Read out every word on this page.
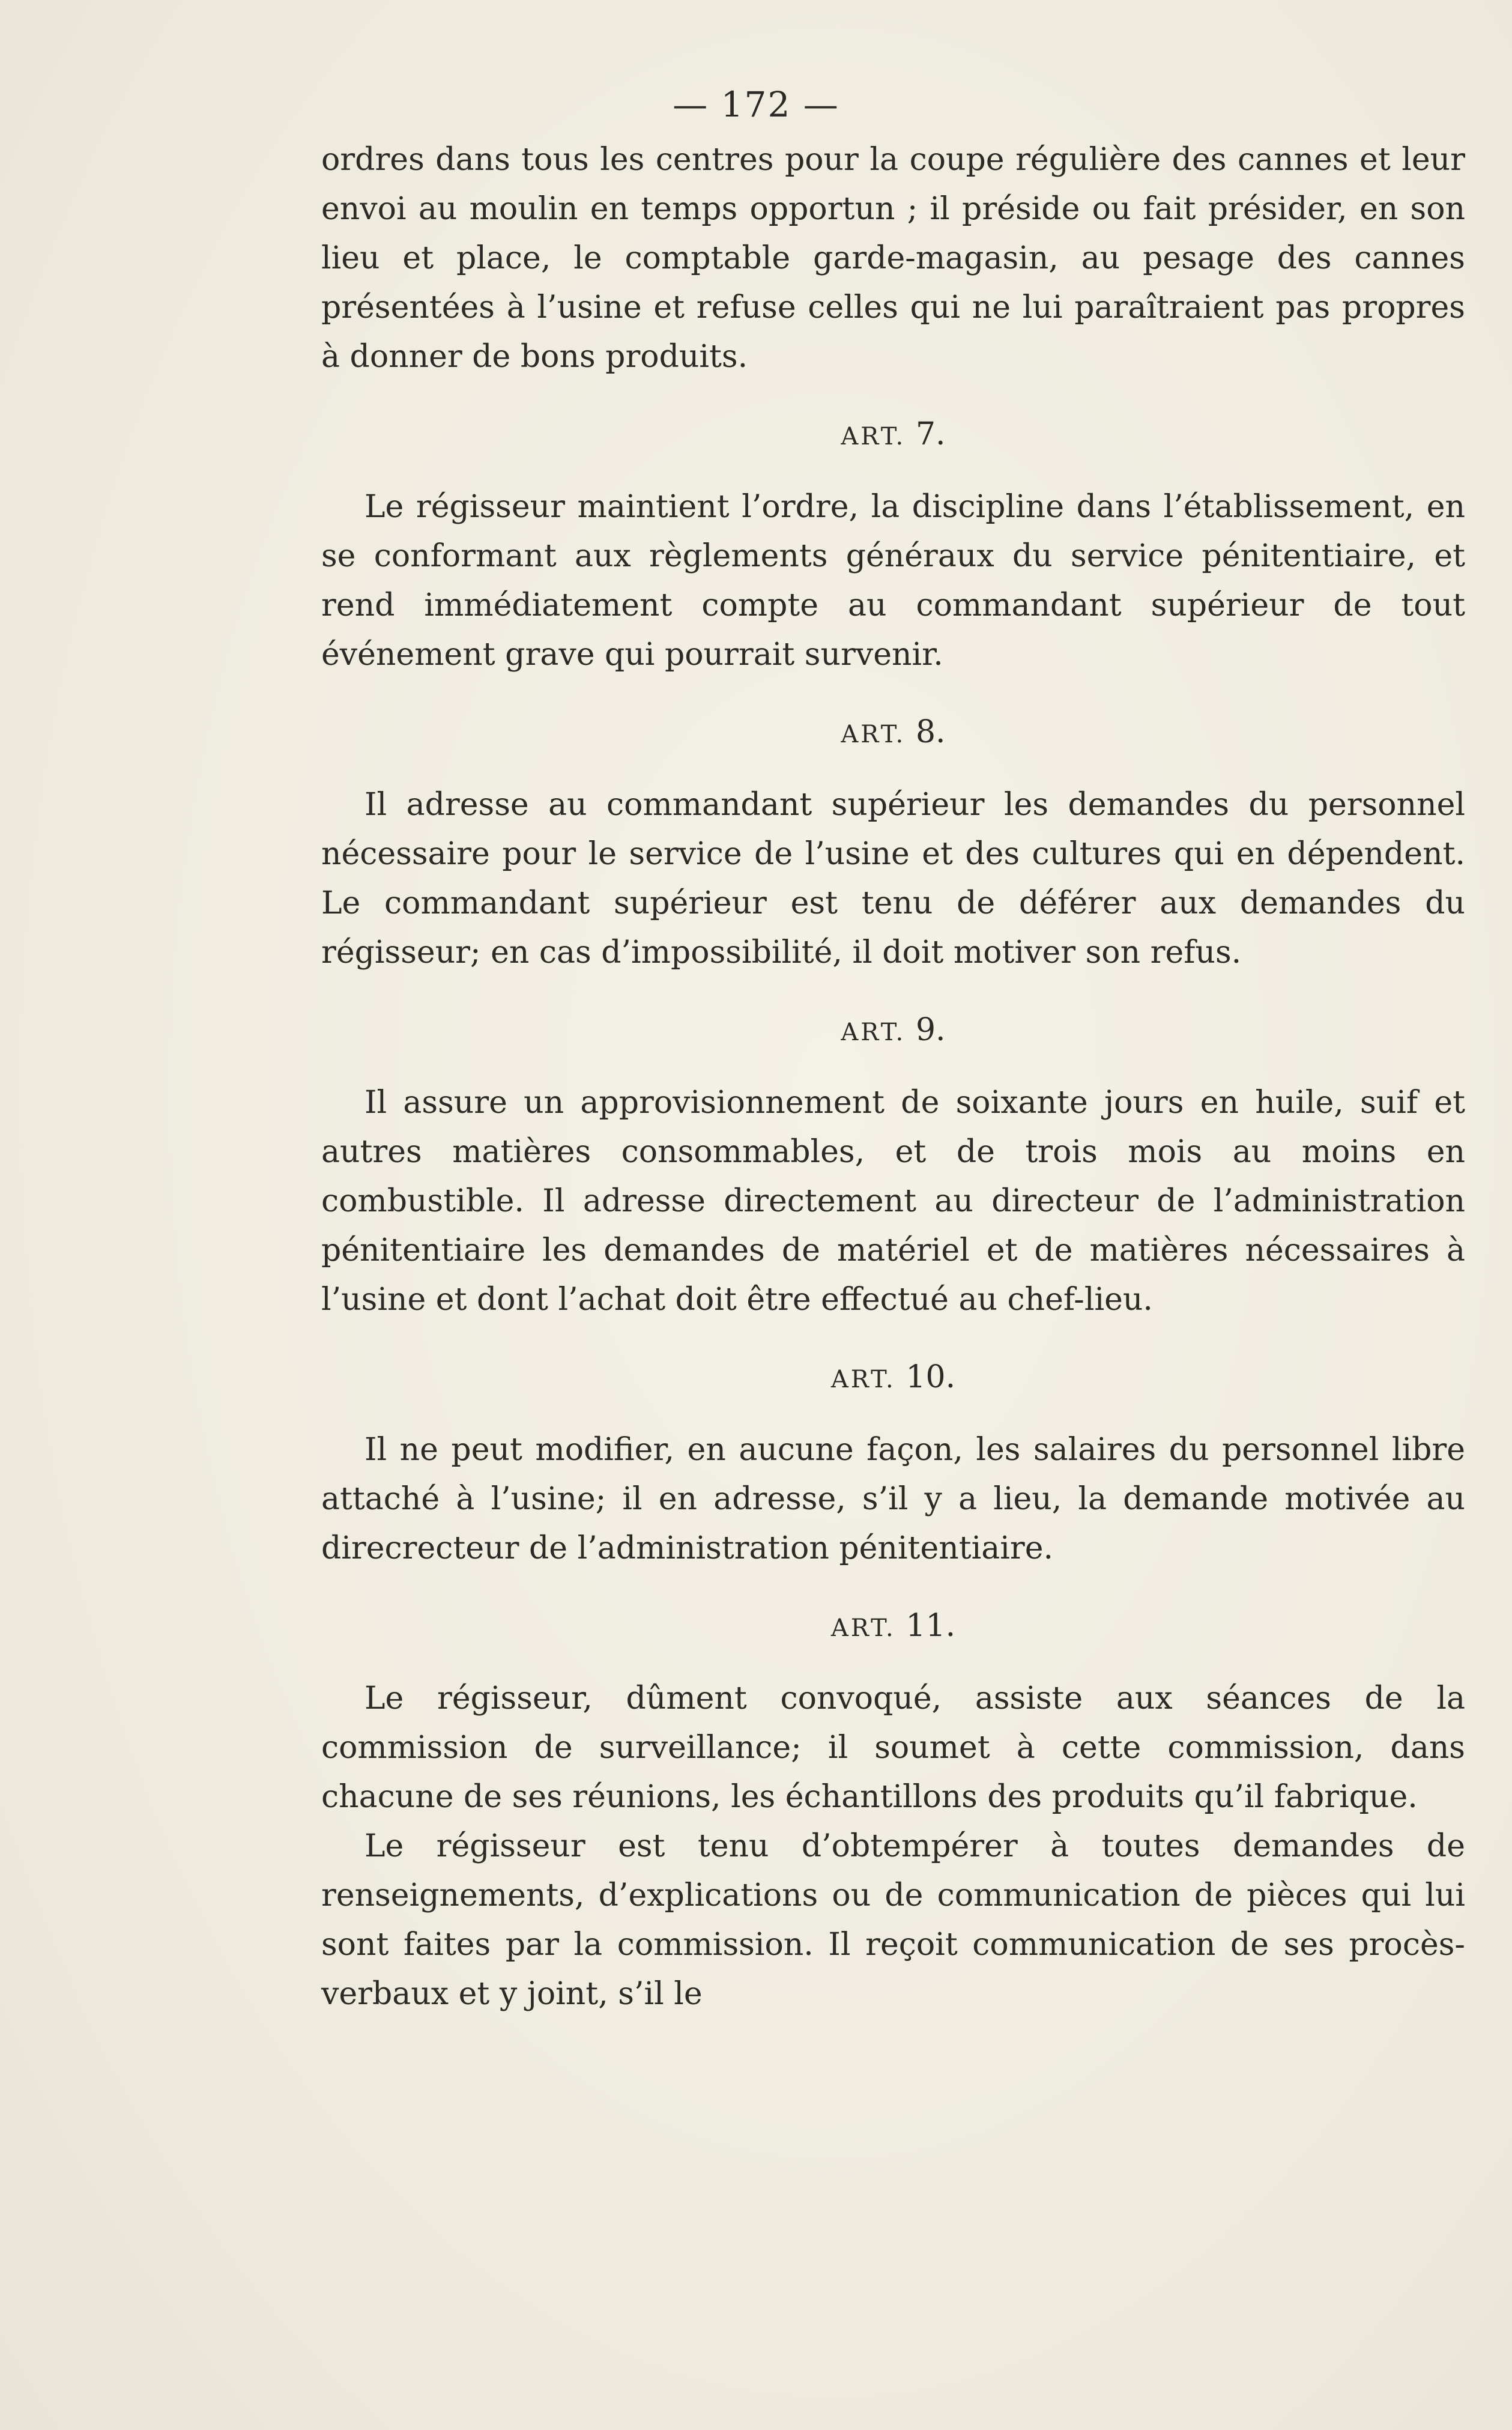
— 172 —

ordres dans tous les centres pour la coupe régulière des cannes et leur envoi au moulin en temps opportun ; il préside ou fait présider, en son lieu et place, le comptable garde-magasin, au pesage des cannes présentées à l’usine et refuse celles qui ne lui paraîtraient pas propres à donner de bons produits.

ART. 7.

Le régisseur maintient l’ordre, la discipline dans l’établissement, en se conformant aux règlements généraux du service pénitentiaire, et rend immédiatement compte au commandant supérieur de tout événement grave qui pourrait survenir.

ART. 8.

Il adresse au commandant supérieur les demandes du personnel nécessaire pour le service de l’usine et des cultures qui en dépendent. Le commandant supérieur est tenu de déférer aux demandes du régisseur; en cas d’impossibilité, il doit motiver son refus.

ART. 9.

Il assure un approvisionnement de soixante jours en huile, suif et autres matières consommables, et de trois mois au moins en combustible. Il adresse directement au directeur de l’administration pénitentiaire les demandes de matériel et de matières nécessaires à l’usine et dont l’achat doit être effectué au chef-lieu.

ART. 10.

Il ne peut modifier, en aucune façon, les salaires du personnel libre attaché à l’usine; il en adresse, s’il y a lieu, la demande motivée au direcrecteur de l’administration pénitentiaire.

ART. 11.

Le régisseur, dûment convoqué, assiste aux séances de la commission de surveillance; il soumet à cette commission, dans chacune de ses réunions, les échantillons des produits qu’il fabrique.

Le régisseur est tenu d’obtempérer à toutes demandes de renseignements, d’explications ou de communication de pièces qui lui sont faites par la commission. Il reçoit communication de ses procès-verbaux et y joint, s’il le
